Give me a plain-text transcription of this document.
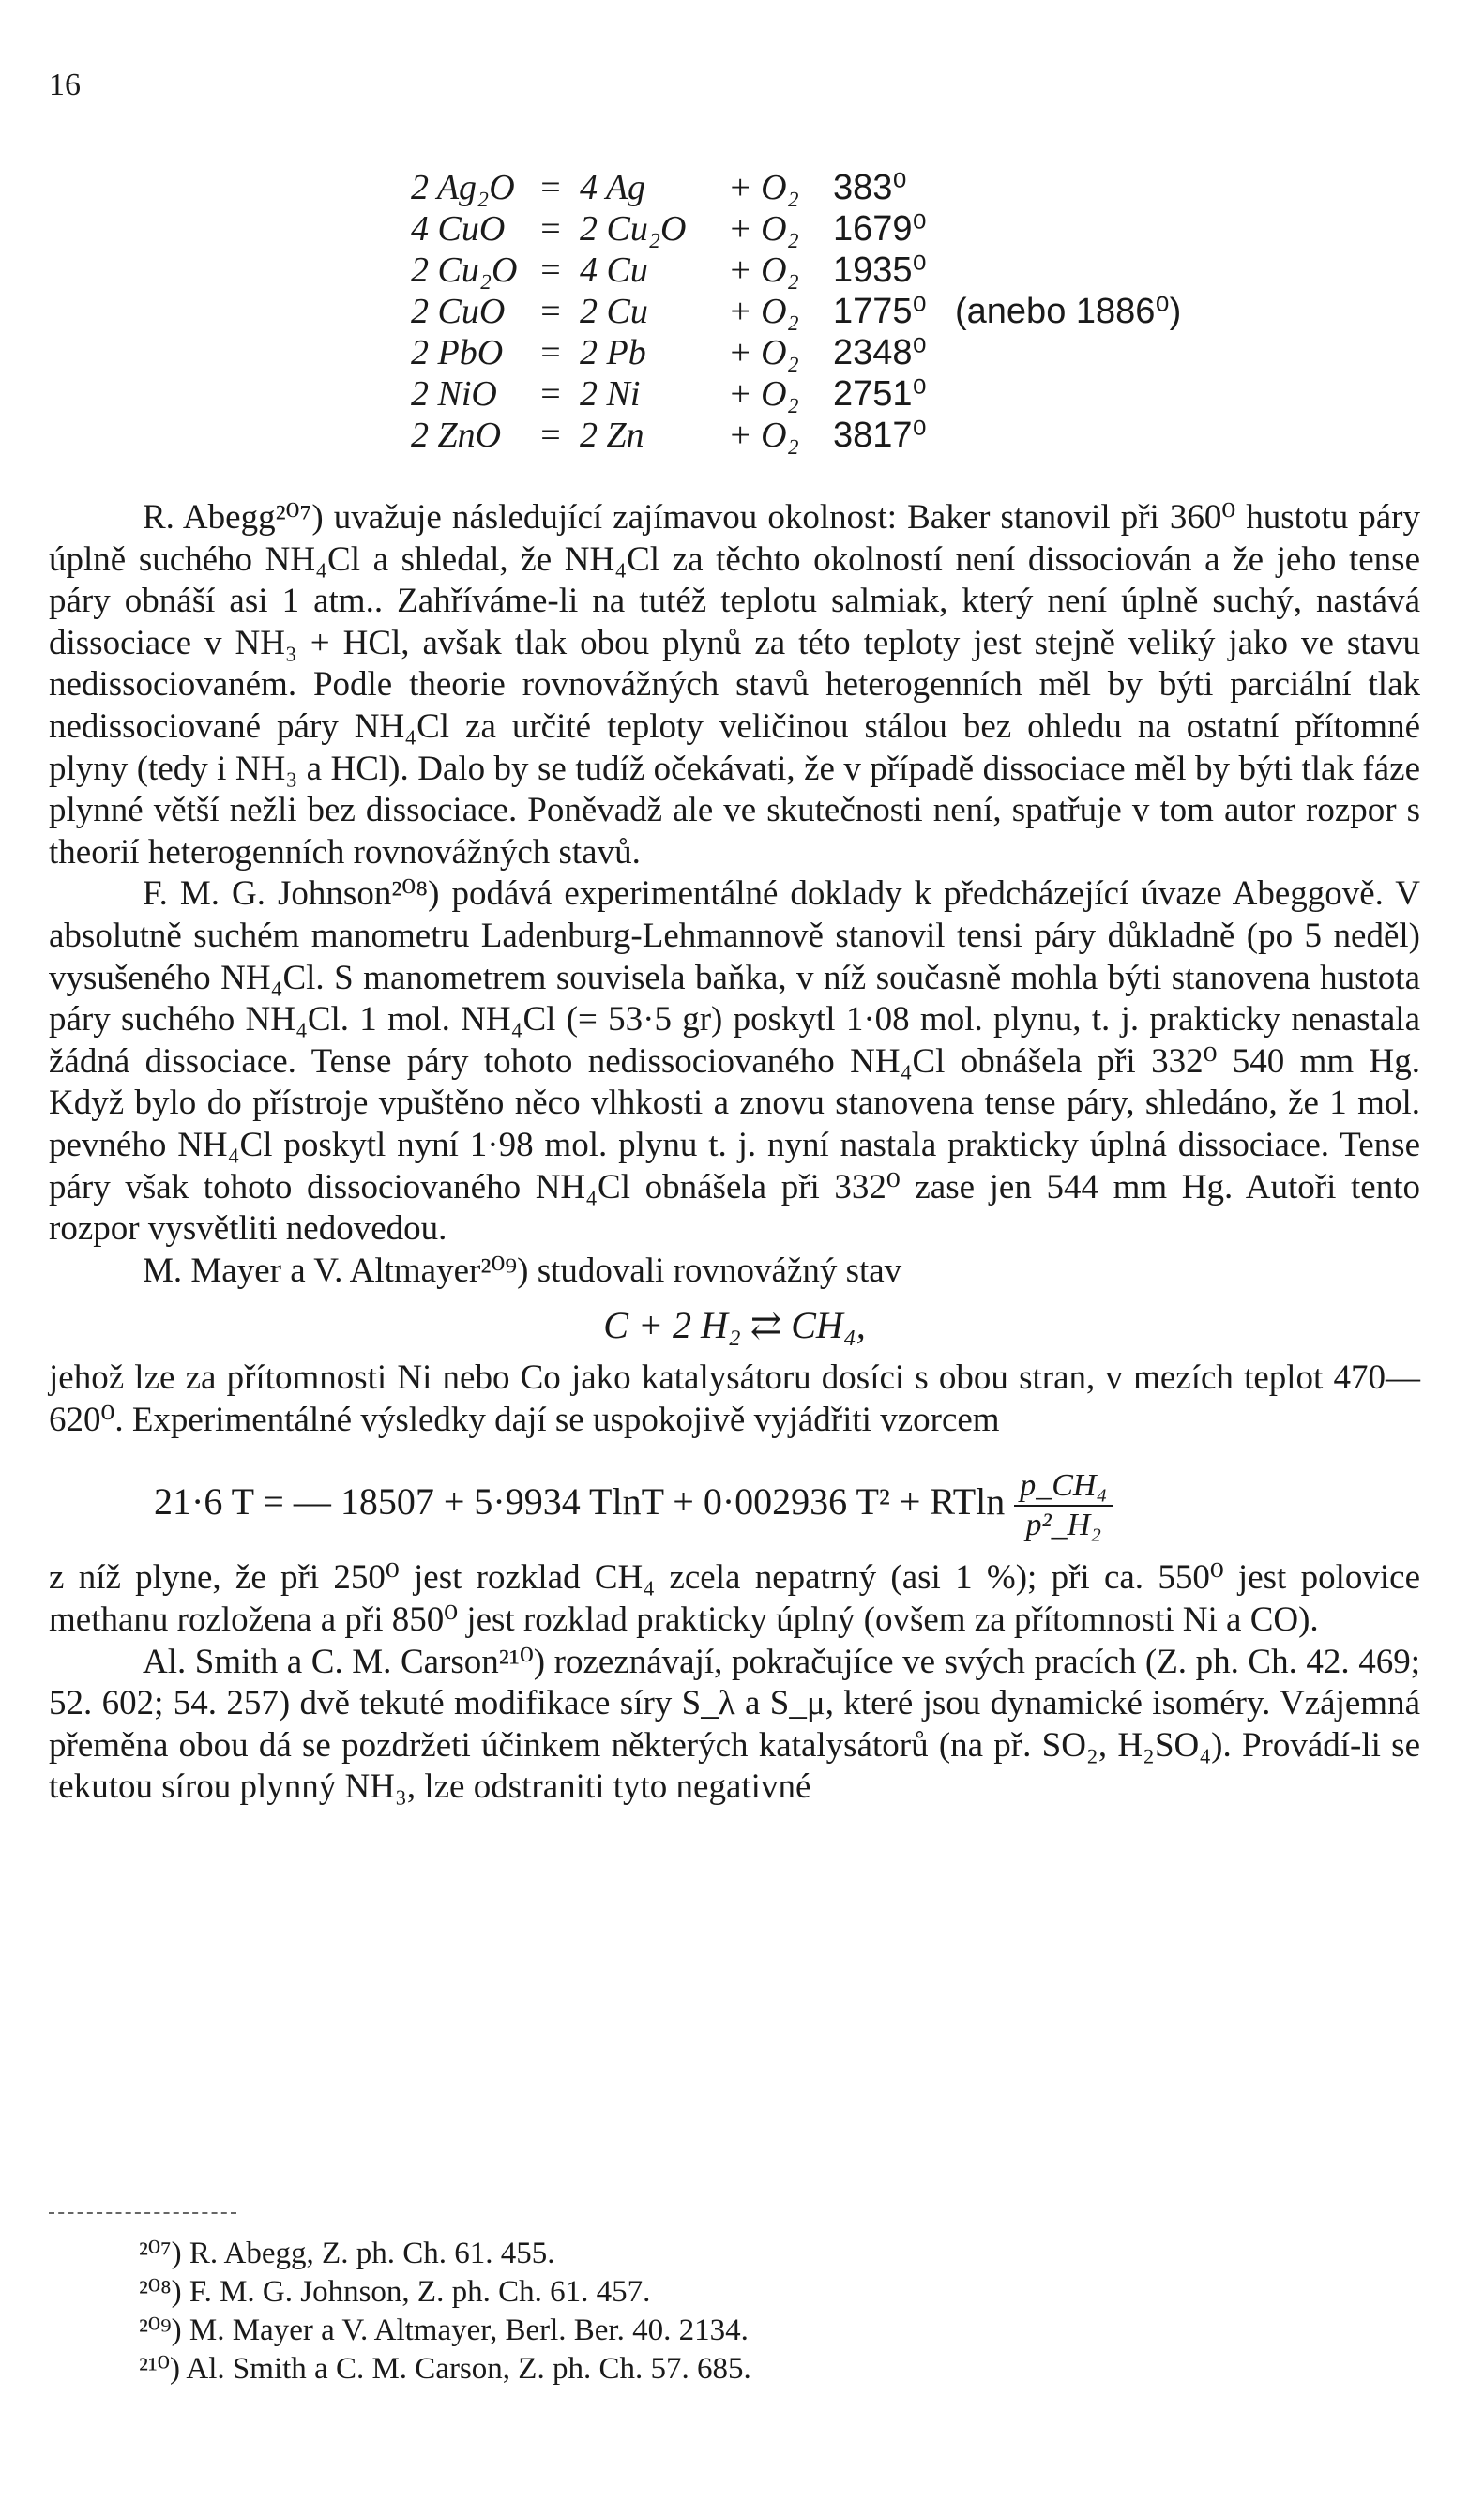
16
2 Ag₂O	=	4 Ag	+ O₂	383⁰	
4 CuO	=	2 Cu₂O	+ O₂	1679⁰	
2 Cu₂O	=	4 Cu	+ O₂	1935⁰	
2 CuO	=	2 Cu	+ O₂	1775⁰	(anebo 1886⁰)
2 PbO	=	2 Pb	+ O₂	2348⁰	
2 NiO	=	2 Ni	+ O₂	2751⁰	
2 ZnO	=	2 Zn	+ O₂	3817⁰	

R. Abegg²⁰⁷) uvažuje následující zajímavou okolnost: Baker stanovil při 360⁰ hustotu páry úplně suchého NH₄Cl a shledal, že NH₄Cl za těchto okolností není dissociován a že jeho tense páry obnáší asi 1 atm.. Zahříváme-li na tutéž teplotu salmiak, který není úplně suchý, nastává dissociace v NH₃ + HCl, avšak tlak obou plynů za této teploty jest stejně veliký jako ve stavu nedissociovaném. Podle theorie rovnovážných stavů heterogenních měl by býti parciální tlak nedissociované páry NH₄Cl za určité teploty veličinou stálou bez ohledu na ostatní přítomné plyny (tedy i NH₃ a HCl). Dalo by se tudíž očekávati, že v případě dissociace měl by býti tlak fáze plynné větší nežli bez dissociace. Poněvadž ale ve skutečnosti není, spatřuje v tom autor rozpor s theorií heterogenních rovnovážných stavů.

F. M. G. Johnson²⁰⁸) podává experimentálné doklady k předcházející úvaze Abeggově. V absolutně suchém manometru Ladenburg-Lehmannově stanovil tensi páry důkladně (po 5 neděl) vysušeného NH₄Cl. S manometrem souvisela baňka, v níž současně mohla býti stanovena hustota páry suchého NH₄Cl. 1 mol. NH₄Cl (= 53·5 gr) poskytl 1·08 mol. plynu, t. j. prakticky nenastala žádná dissociace. Tense páry tohoto nedissociovaného NH₄Cl obnášela při 332⁰ 540 mm Hg. Když bylo do přístroje vpuštěno něco vlhkosti a znovu stanovena tense páry, shledáno, že 1 mol. pevného NH₄Cl poskytl nyní 1·98 mol. plynu t. j. nyní nastala prakticky úplná dissociace. Tense páry však tohoto dissociovaného NH₄Cl obnášela při 332⁰ zase jen 544 mm Hg. Autoři tento rozpor vysvětliti nedovedou.

M. Mayer a V. Altmayer²⁰⁹) studovali rovnovážný stav

C + 2 H₂ ⇄ CH₄,

jehož lze za přítomnosti Ni nebo Co jako katalysátoru dosíci s obou stran, v mezích teplot 470—620⁰. Experimentálné výsledky dají se uspokojivě vyjádřiti vzorcem

21·6 T = — 18507 + 5·9934 TlnT + 0·002936 T² + RTln $\frac{\text{p\_CH₄}}{\text{p²\_H₂}}$

z níž plyne, že při 250⁰ jest rozklad CH₄ zcela nepatrný (asi 1 %); při ca. 550⁰ jest polovice methanu rozložena a při 850⁰ jest rozklad prakticky úplný (ovšem za přítomnosti Ni a CO).

Al. Smith a C. M. Carson²¹⁰) rozeznávají, pokračujíce ve svých pracích (Z. ph. Ch. 42. 469; 52. 602; 54. 257) dvě tekuté modifikace síry S_λ a S_μ, které jsou dynamické isoméry. Vzájemná přeměna obou dá se pozdržeti účinkem některých katalysátorů (na př. SO₂, H₂SO₄). Provádí-li se tekutou sírou plynný NH₃, lze odstraniti tyto negativné

²⁰⁷) R. Abegg, Z. ph. Ch. 61. 455.

²⁰⁸) F. M. G. Johnson, Z. ph. Ch. 61. 457.

²⁰⁹) M. Mayer a V. Altmayer, Berl. Ber. 40. 2134.

²¹⁰) Al. Smith a C. M. Carson, Z. ph. Ch. 57. 685.
